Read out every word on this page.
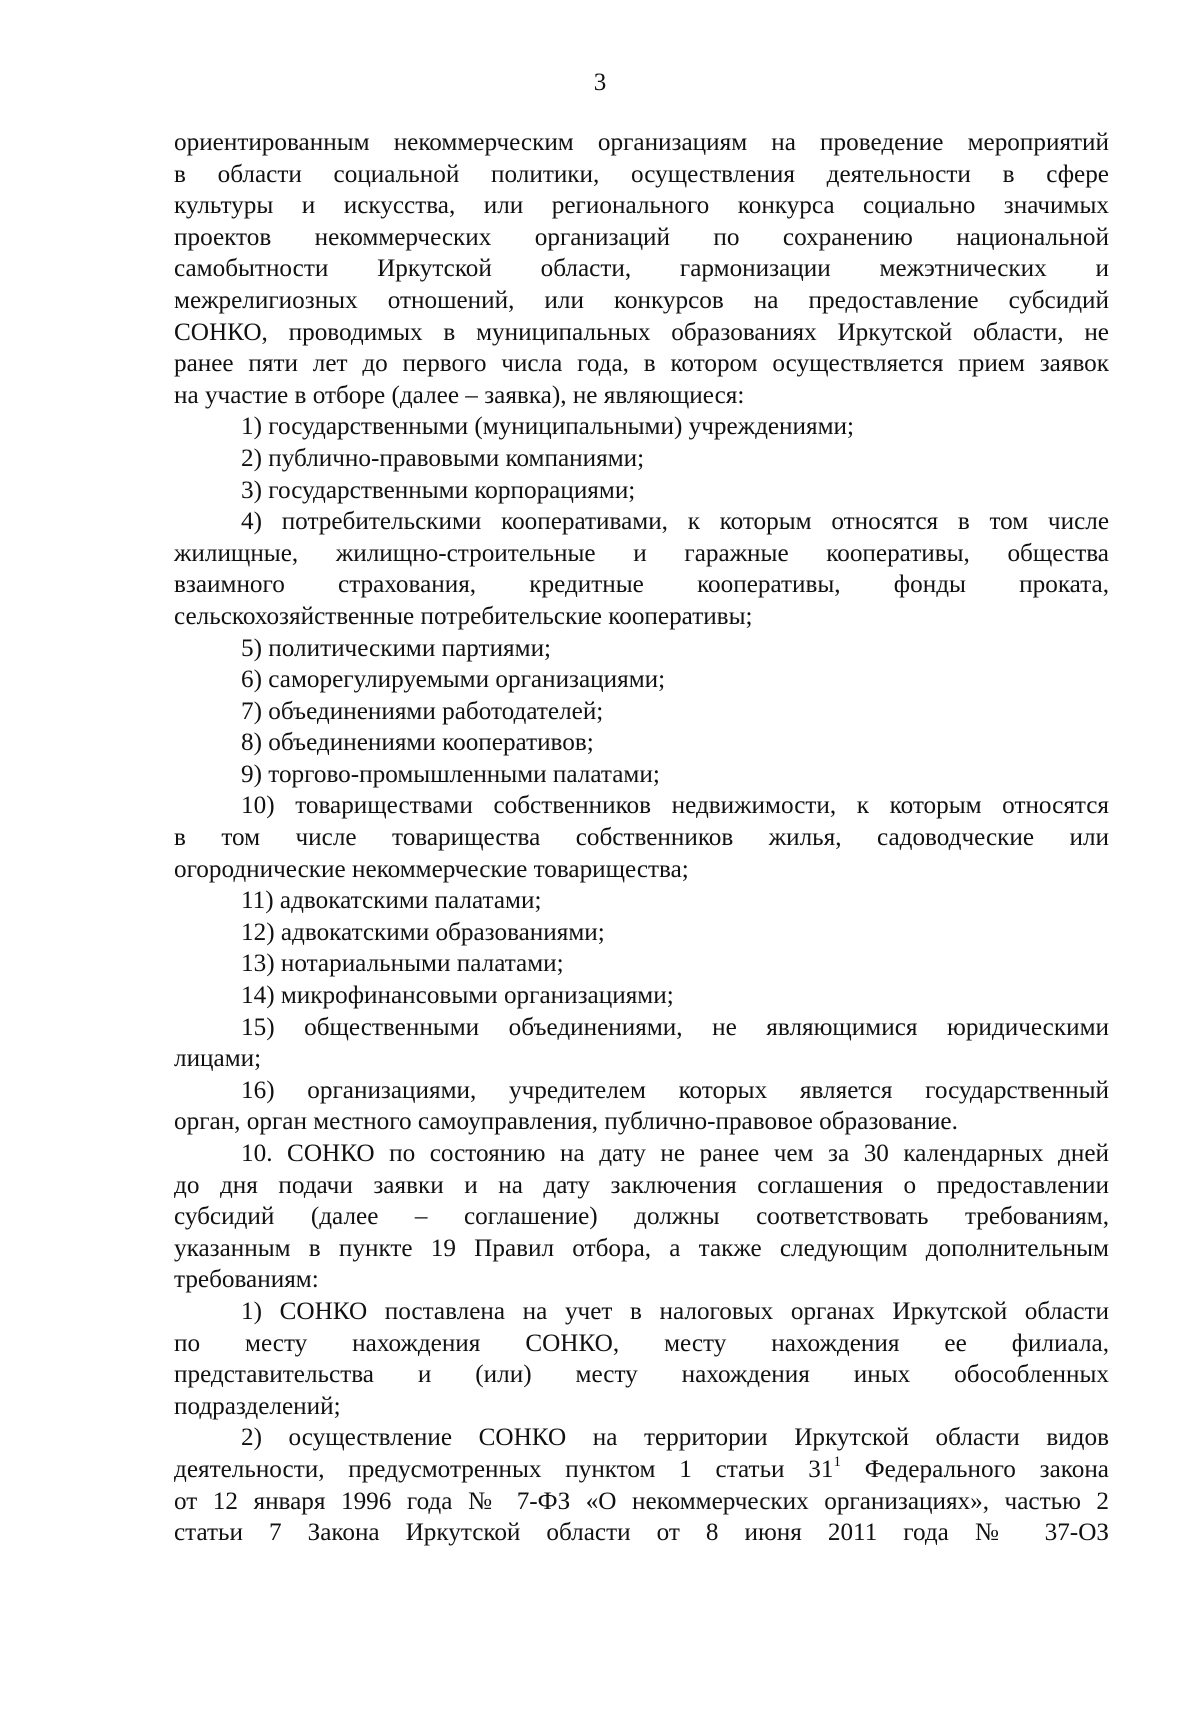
3
ориентированным некоммерческим организациям на проведение мероприятий
в области социальной политики, осуществления деятельности в сфере
культуры и искусства, или регионального конкурса социально значимых
проектов некоммерческих организаций по сохранению национальной
самобытности Иркутской области, гармонизации межэтнических и
межрелигиозных отношений, или конкурсов на предоставление субсидий
СОНКО, проводимых в муниципальных образованиях Иркутской области, не
ранее пяти лет до первого числа года, в котором осуществляется прием заявок
на участие в отборе (далее – заявка), не являющиеся:
1) государственными (муниципальными) учреждениями;
2) публично-правовыми компаниями;
3) государственными корпорациями;
4) потребительскими кооперативами, к которым относятся в том числе
жилищные, жилищно-строительные и гаражные кооперативы, общества
взаимного страхования, кредитные кооперативы, фонды проката,
сельскохозяйственные потребительские кооперативы;
5) политическими партиями;
6) саморегулируемыми организациями;
7) объединениями работодателей;
8) объединениями кооперативов;
9) торгово-промышленными палатами;
10) товариществами собственников недвижимости, к которым относятся
в том числе товарищества собственников жилья, садоводческие или
огороднические некоммерческие товарищества;
11) адвокатскими палатами;
12) адвокатскими образованиями;
13) нотариальными палатами;
14) микрофинансовыми организациями;
15) общественными объединениями, не являющимися юридическими
лицами;
16) организациями, учредителем которых является государственный
орган, орган местного самоуправления, публично-правовое образование.
10. СОНКО по состоянию на дату не ранее чем за 30 календарных дней
до дня подачи заявки и на дату заключения соглашения о предоставлении
субсидий (далее – соглашение) должны соответствовать требованиям,
указанным в пункте 19 Правил отбора, а также следующим дополнительным
требованиям:
1) СОНКО поставлена на учет в налоговых органах Иркутской области
по месту нахождения СОНКО, месту нахождения ее филиала,
представительства и (или) месту нахождения иных обособленных
подразделений;
2) осуществление СОНКО на территории Иркутской области видов
деятельности, предусмотренных пунктом 1 статьи $31^1$ Федерального закона
от 12 января 1996 года № 7-ФЗ «О некоммерческих организациях», частью 2
статьи 7 Закона Иркутской области от 8 июня 2011 года № 37-ОЗ
